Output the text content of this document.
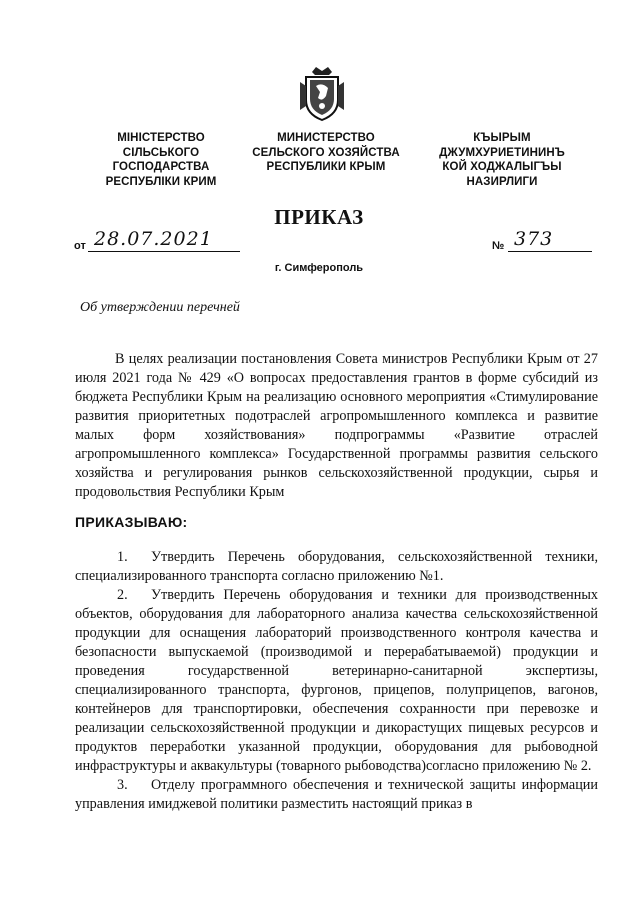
МІНІСТЕРСТВО
СІЛЬСЬКОГО
ГОСПОДАРСТВА
РЕСПУБЛІКИ КРИМ
МИНИСТЕРСТВО
СЕЛЬСКОГО ХОЗЯЙСТВА
РЕСПУБЛИКИ КРЫМ
КЪЫРЫМ
ДЖУМХУРИЕТИНИНЪ
КОЙ ХОДЖАЛЫГЪЫ
НАЗИРЛИГИ
ПРИКАЗ
от 28.07.2021	№ 373
г. Симферополь
Об утверждении перечней
В целях реализации постановления Совета министров Республики Крым от 27 июля 2021 года № 429 «О вопросах предоставления грантов в форме субсидий из бюджета Республики Крым на реализацию основного мероприятия «Стимулирование развития приоритетных подотраслей агропромышленного комплекса и развитие малых форм хозяйствования» подпрограммы «Развитие отраслей агропромышленного комплекса» Государственной программы развития сельского хозяйства и регулирования рынков сельскохозяйственной продукции, сырья и продовольствия Республики Крым
ПРИКАЗЫВАЮ:

1. Утвердить Перечень оборудования, сельскохозяйственной техники, специализированного транспорта согласно приложению №1.

2. Утвердить Перечень оборудования и техники для производственных объектов, оборудования для лабораторного анализа качества сельскохозяйственной продукции для оснащения лабораторий производственного контроля качества и безопасности выпускаемой (производимой и перерабатываемой) продукции и проведения государственной ветеринарно-санитарной экспертизы, специализированного транспорта, фургонов, прицепов, полуприцепов, вагонов, контейнеров для транспортировки, обеспечения сохранности при перевозке и реализации сельскохозяйственной продукции и дикорастущих пищевых ресурсов и продуктов переработки указанной продукции, оборудования для рыбоводной инфраструктуры и аквакультуры (товарного рыбоводства)согласно приложению № 2.

3. Отделу программного обеспечения и технической защиты информации управления имиджевой политики разместить настоящий приказ в
